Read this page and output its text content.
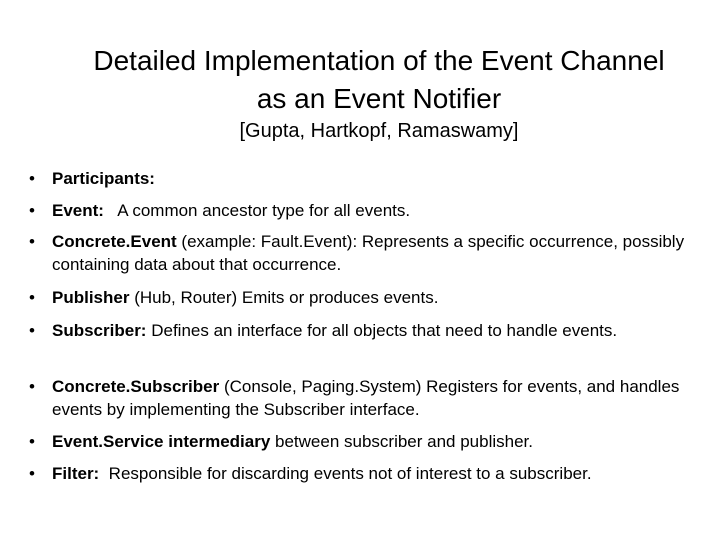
Detailed Implementation of the Event Channel
as an Event Notifier
[Gupta, Hartkopf, Ramaswamy]
•	Participants:
•	Event:   A common ancestor type for all events.
•	Concrete.Event (example: Fault.Event): Represents a specific occurrence, possibly containing data about that occurrence.
•	Publisher (Hub, Router) Emits or produces events.
•	Subscriber: Defines an interface for all objects that need to handle events.
•	Concrete.Subscriber (Console, Paging.System) Registers for events, and handles events by implementing the Subscriber interface.
•	Event.Service intermediary between subscriber and publisher.
•	Filter:  Responsible for discarding events not of interest to a subscriber.
